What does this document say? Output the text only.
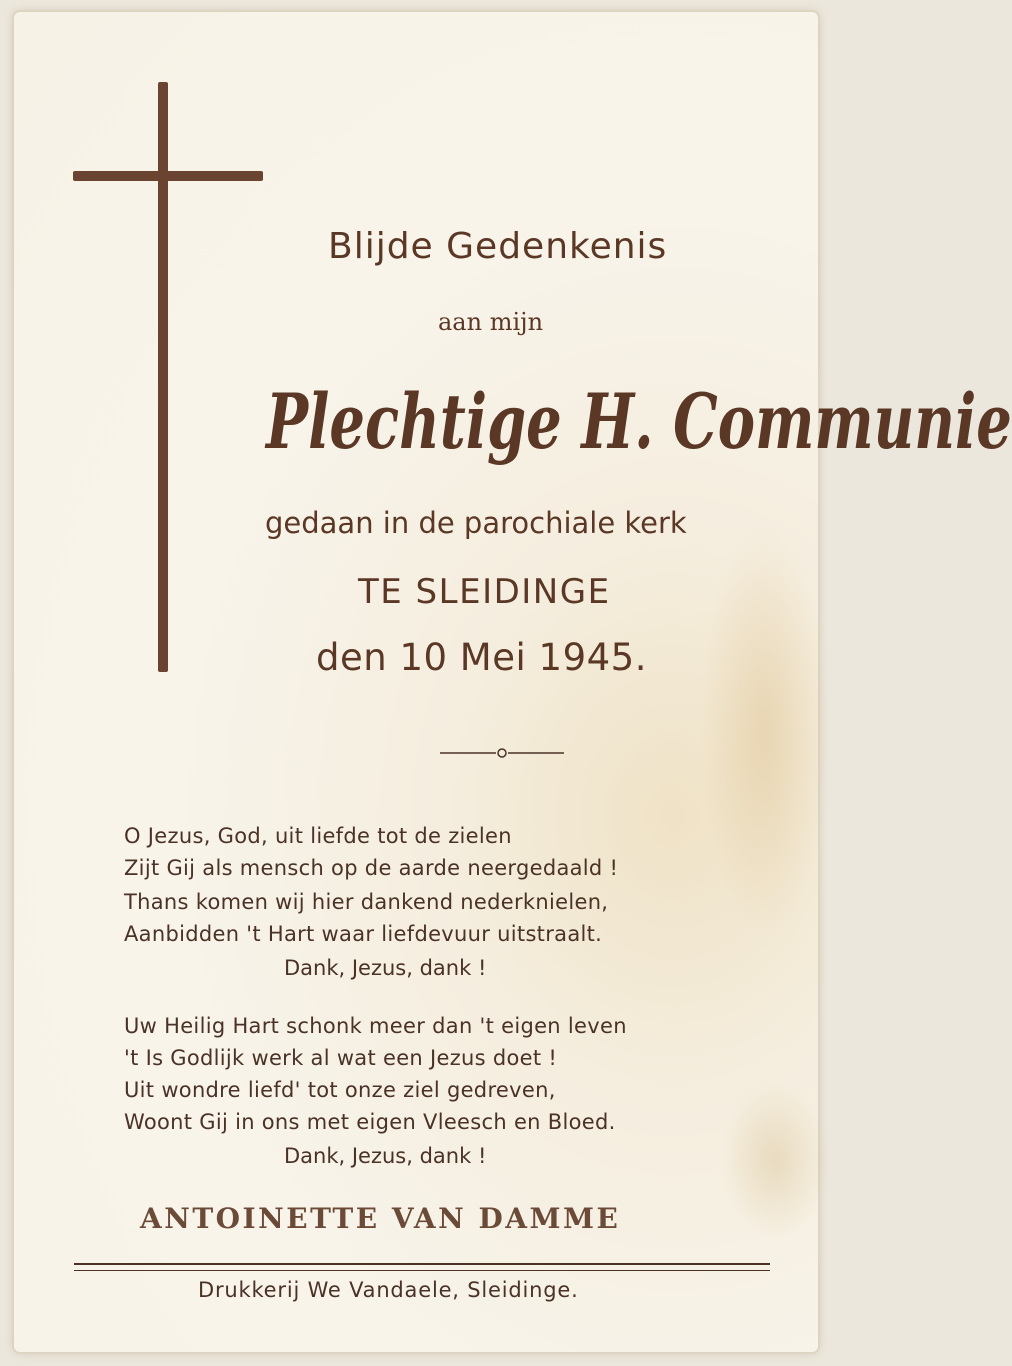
Blijde Gedenkenis
aan mijn
Plechtige H. Communie
gedaan in de parochiale kerk
TE SLEIDINGE
den 10 Mei 1945.
O Jezus, God, uit liefde tot de zielen
Zijt Gij als mensch op de aarde neergedaald !
Thans komen wij hier dankend nederknielen,
Aanbidden 't Hart waar liefdevuur uitstraalt.
Dank, Jezus, dank !
Uw Heilig Hart schonk meer dan 't eigen leven
't Is Godlijk werk al wat een Jezus doet !
Uit wondre liefd' tot onze ziel gedreven,
Woont Gij in ons met eigen Vleesch en Bloed.
Dank, Jezus, dank !
ANTOINETTE VAN DAMME
Drukkerij We Vandaele, Sleidinge.
